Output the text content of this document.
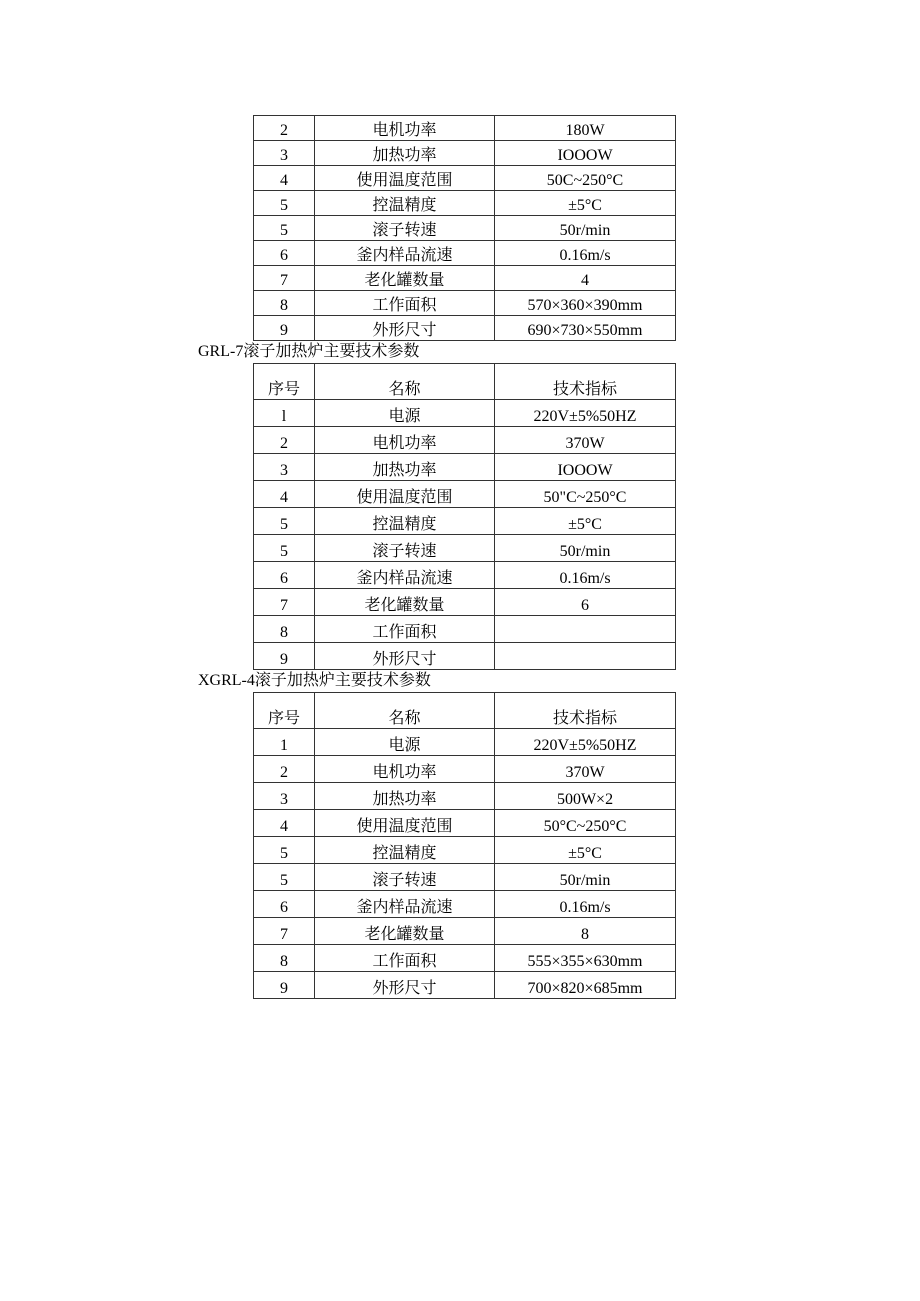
2	电机功率	180W
3	加热功率	IOOOW
4	使用温度范围	50C~250°C
5	控温精度	±5°C
5	滚子转速	50r/min
6	釜内样品流速	0.16m/s
7	老化罐数量	4
8	工作面积	570×360×390mm
9	外形尺寸	690×730×550mm
GRL-7滚子加热炉主要技术参数
序号	名称	技术指标
l	电源	220V±5%50HZ
2	电机功率	370W
3	加热功率	IOOOW
4	使用温度范围	50"C~250°C
5	控温精度	±5°C
5	滚子转速	50r/min
6	釜内样品流速	0.16m/s
7	老化罐数量	6
8	工作面积	
9	外形尺寸	
XGRL-4滚子加热炉主要技术参数
序号	名称	技术指标
1	电源	220V±5%50HZ
2	电机功率	370W
3	加热功率	500W×2
4	使用温度范围	50°C~250°C
5	控温精度	±5°C
5	滚子转速	50r/min
6	釜内样品流速	0.16m/s
7	老化罐数量	8
8	工作面积	555×355×630mm
9	外形尺寸	700×820×685mm
